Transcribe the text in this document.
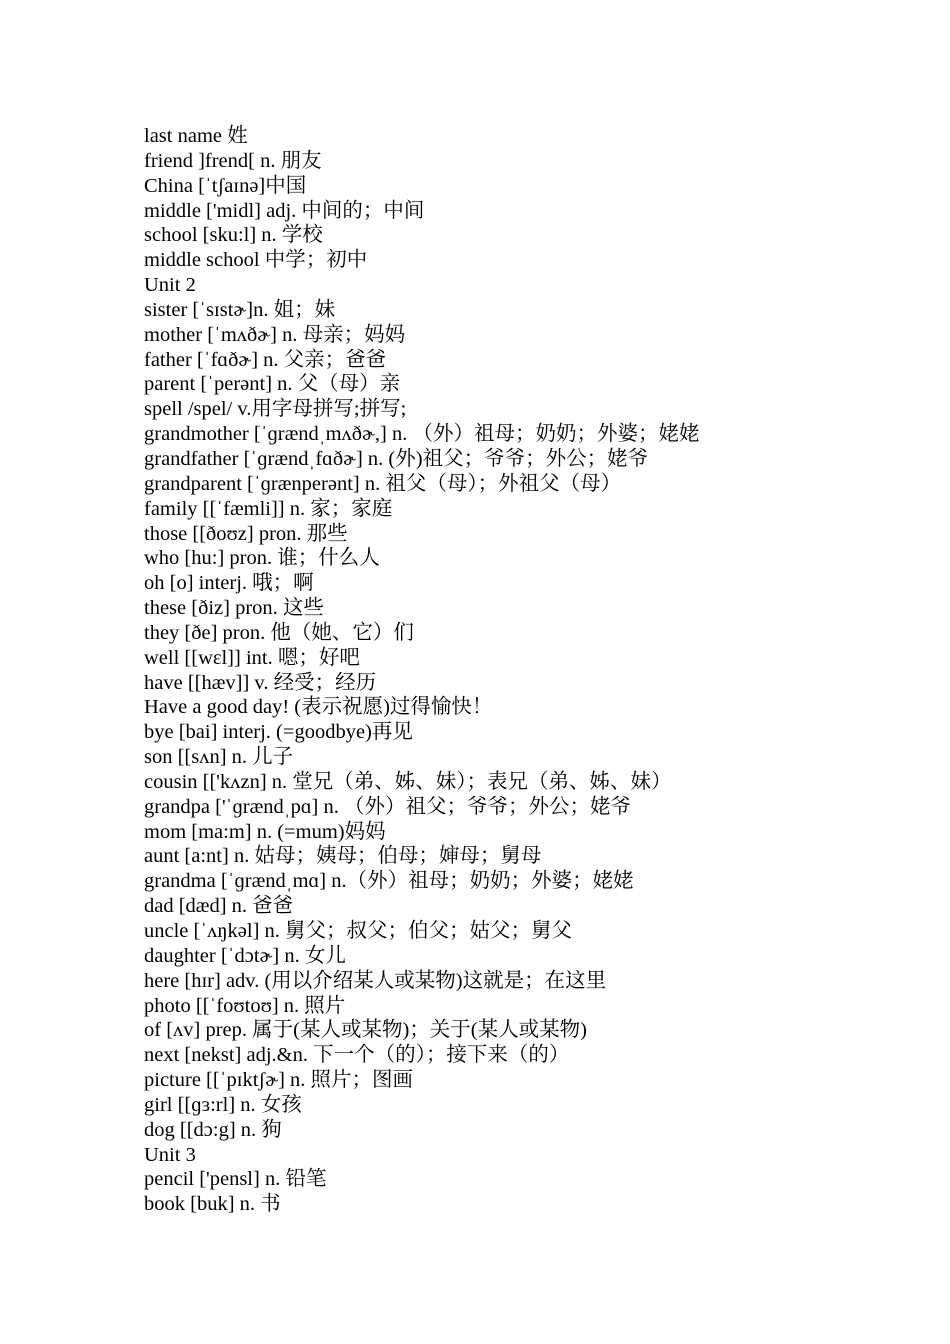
last name 姓
friend ]frend[ n. 朋友
China [ˈtʃaɪnə]中国
middle ['midl] adj. 中间的；中间
school [sku:l] n. 学校
middle school 中学；初中
Unit 2
sister [ˈsɪstɚ]n. 姐；妹
mother [ˈmʌðɚ] n. 母亲；妈妈
father [ˈfɑðɚ] n. 父亲；爸爸
parent [ˈperənt] n. 父（母）亲
spell /spel/ v.用字母拼写;拼写;
grandmother [ˈɡrændˌmʌðɚ,] n. （外）祖母；奶奶；外婆；姥姥
grandfather [ˈɡrændˌfɑðɚ] n. (外)祖父；爷爷；外公；姥爷
grandparent [ˈɡrænperənt] n. 祖父（母）；外祖父（母）
family [[ˈfæmli]] n. 家；家庭
those [[ðoʊz] pron. 那些
who [hu:] pron. 谁；什么人
oh [o] interj. 哦；啊
these [ðiz] pron. 这些
they [ðe] pron. 他（她、它）们
well [[wɛl]] int. 嗯；好吧
have [[hæv]] v. 经受；经历
Have a good day! (表示祝愿)过得愉快！
bye [bai] interj. (=goodbye)再见
son [[sʌn] n. 儿子
cousin [['kʌzn] n. 堂兄（弟、姊、妹）；表兄（弟、姊、妹）
grandpa ['ˈɡrændˌpɑ] n. （外）祖父；爷爷；外公；姥爷
mom [ma:m] n. (=mum)妈妈
aunt [a:nt] n. 姑母；姨母；伯母；婶母；舅母
grandma [ˈɡrændˌmɑ] n.（外）祖母；奶奶；外婆；姥姥
dad [dæd] n. 爸爸
uncle [ˈʌŋkəl] n. 舅父；叔父；伯父；姑父；舅父
daughter [ˈdɔtɚ] n. 女儿
here [hɪr] adv. (用以介绍某人或某物)这就是；在这里
photo [[ˈfoʊtoʊ] n. 照片
of [ʌv] prep. 属于(某人或某物)；关于(某人或某物)
next [nekst] adj.&n. 下一个（的）；接下来（的）
picture [[ˈpɪktʃɚ] n. 照片；图画
girl [[ɡɜ:rl] n. 女孩
dog [[dɔ:g] n. 狗
Unit 3
pencil ['pensl] n. 铅笔
book [buk] n. 书
